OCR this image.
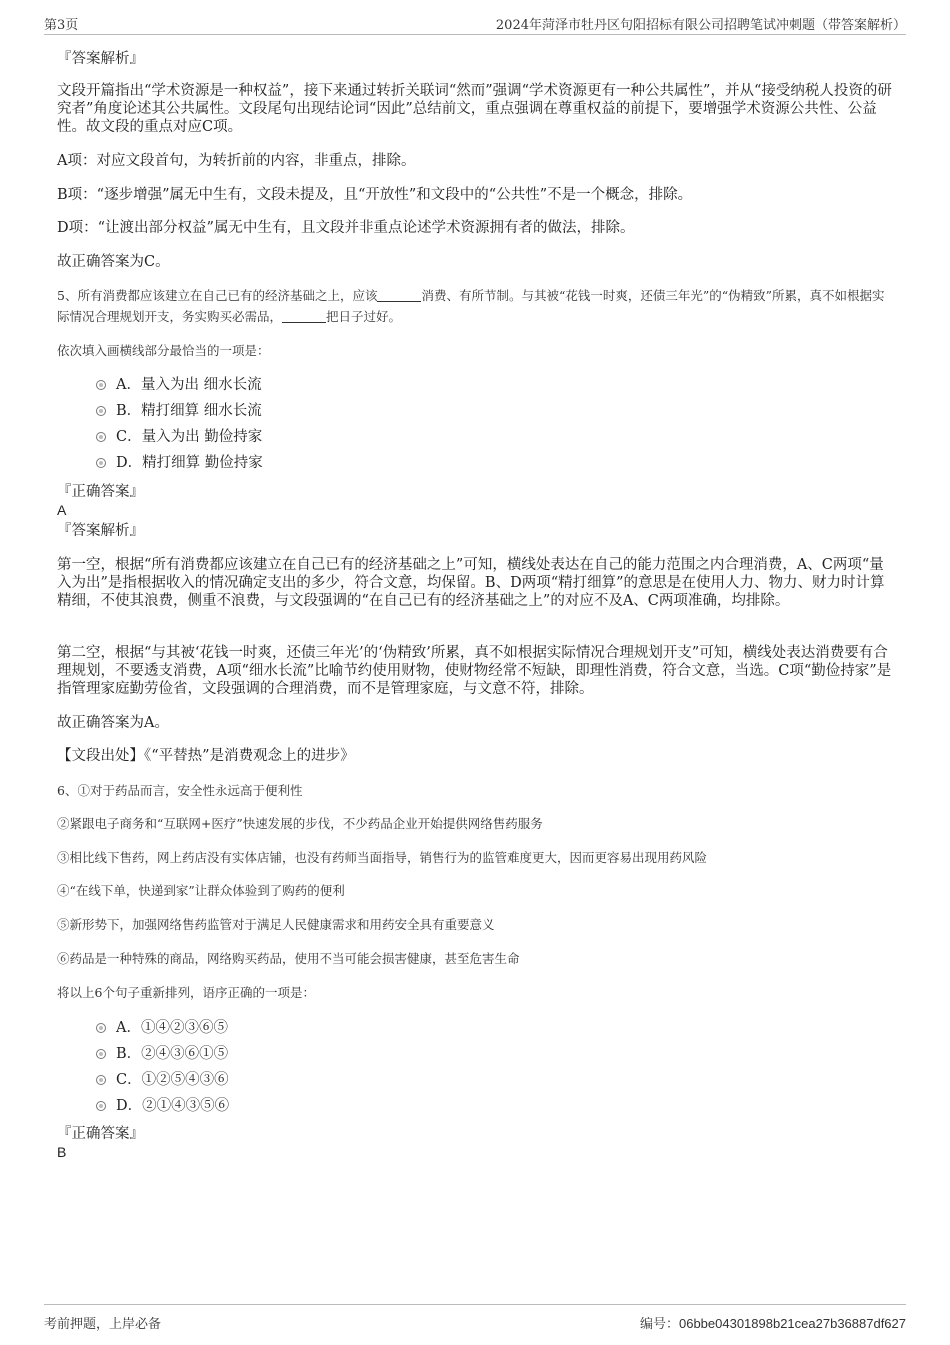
第3页	2024年菏泽市牡丹区句阳招标有限公司招聘笔试冲刺题（带答案解析）

『答案解析』

文段开篇指出“学术资源是一种权益”，接下来通过转折关联词“然而”强调“学术资源更有一种公共属性”，并从“接受纳税人投资的研究者”角度论述其公共属性。文段尾句出现结论词“因此”总结前文，重点强调在尊重权益的前提下，要增强学术资源公共性、公益性。故文段的重点对应C项。

A项：对应文段首句，为转折前的内容，非重点，排除。

B项：“逐步增强”属无中生有，文段未提及，且“开放性”和文段中的“公共性”不是一个概念，排除。

D项：“让渡出部分权益”属无中生有，且文段并非重点论述学术资源拥有者的做法，排除。

故正确答案为C。

5、所有消费都应该建立在自己已有的经济基础之上，应该	消费、有所节制。与其被“花钱一时爽，还债三年光”的“伪精致”所累，真不如根据实际情况合理规划开支，务实购买必需品，	把日子过好。

依次填入画横线部分最恰当的一项是：

A．量入为出 细水长流
B．精打细算 细水长流
C．量入为出 勤俭持家
D．精打细算 勤俭持家

『正确答案』

A

『答案解析』

第一空，根据“所有消费都应该建立在自己已有的经济基础之上”可知，横线处表达在自己的能力范围之内合理消费，A、C两项“量入为出”是指根据收入的情况确定支出的多少，符合文意，均保留。B、D两项“精打细算”的意思是在使用人力、物力、财力时计算精细，不使其浪费，侧重不浪费，与文段强调的“在自己已有的经济基础之上”的对应不及A、C两项准确，均排除。

第二空，根据“与其被‘花钱一时爽，还债三年光’的‘伪精致’所累，真不如根据实际情况合理规划开支”可知，横线处表达消费要有合理规划，不要透支消费，A项“细水长流”比喻节约使用财物，使财物经常不短缺，即理性消费，符合文意，当选。C项“勤俭持家”是指管理家庭勤劳俭省，文段强调的合理消费，而不是管理家庭，与文意不符，排除。

故正确答案为A。

【文段出处】《“平替热”是消费观念上的进步》

6、①对于药品而言，安全性永远高于便利性

②紧跟电子商务和“互联网+医疗”快速发展的步伐，不少药品企业开始提供网络售药服务

③相比线下售药，网上药店没有实体店铺，也没有药师当面指导，销售行为的监管难度更大，因而更容易出现用药风险

④“在线下单，快递到家”让群众体验到了购药的便利

⑤新形势下，加强网络售药监管对于满足人民健康需求和用药安全具有重要意义

⑥药品是一种特殊的商品，网络购买药品，使用不当可能会损害健康，甚至危害生命

将以上6个句子重新排列，语序正确的一项是：

A．①④②③⑥⑤
B．②④③⑥①⑤
C．①②⑤④③⑥
D．②①④③⑤⑥

『正确答案』

B

考前押题，上岸必备	编号：06bbe04301898b21cea27b36887df627
